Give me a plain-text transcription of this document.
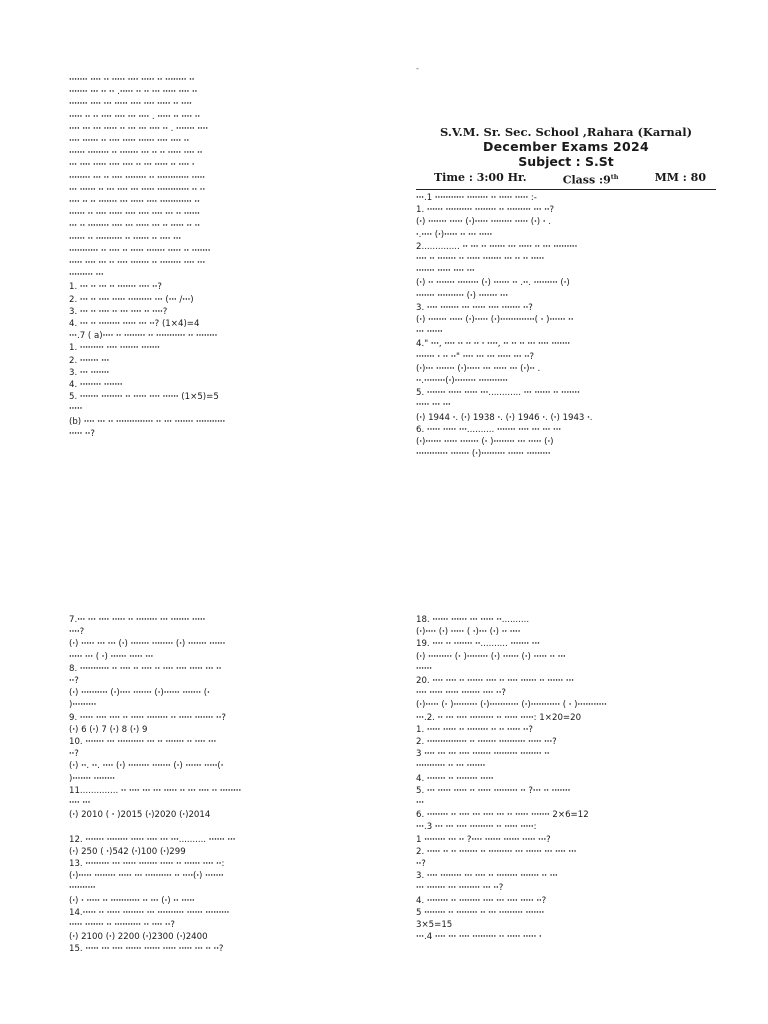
-

ꞏꞏꞏꞏꞏꞏꞏ ꞏꞏꞏꞏ ꞏꞏ ꞏꞏꞏꞏꞏ ꞏꞏꞏꞏ ꞏꞏꞏꞏꞏ ꞏꞏ ꞏꞏꞏꞏꞏꞏꞏꞏ ꞏꞏ

ꞏꞏꞏꞏꞏꞏꞏ ꞏꞏꞏ ꞏꞏ ꞏꞏ .ꞏꞏꞏꞏꞏ ꞏꞏ ꞏꞏ ꞏꞏꞏ ꞏꞏꞏꞏꞏ ꞏꞏꞏꞏ ꞏꞏ

ꞏꞏꞏꞏꞏꞏꞏ ꞏꞏꞏꞏ ꞏꞏꞏ ꞏꞏꞏꞏꞏ ꞏꞏꞏꞏ ꞏꞏꞏꞏ ꞏꞏꞏꞏꞏ ꞏꞏ ꞏꞏꞏꞏ

ꞏꞏꞏꞏꞏ ꞏꞏ ꞏꞏ ꞏꞏꞏꞏ ꞏꞏꞏꞏ ꞏꞏꞏ ꞏꞏꞏꞏ . ꞏꞏꞏꞏꞏ ꞏꞏ ꞏꞏꞏꞏ ꞏꞏ

ꞏꞏꞏꞏ ꞏꞏꞏ ꞏꞏꞏ ꞏꞏꞏꞏꞏ ꞏꞏ ꞏꞏꞏ ꞏꞏꞏ ꞏꞏꞏꞏ ꞏꞏ . ꞏꞏꞏꞏꞏꞏꞏ ꞏꞏꞏꞏ

ꞏꞏꞏꞏ ꞏꞏꞏꞏꞏꞏ ꞏꞏ ꞏꞏꞏꞏ ꞏꞏꞏꞏꞏ ꞏꞏꞏꞏꞏꞏ ꞏꞏꞏꞏ ꞏꞏꞏꞏ ꞏꞏ

ꞏꞏꞏꞏꞏꞏ ꞏꞏꞏꞏꞏꞏꞏꞏ ꞏꞏ ꞏꞏꞏꞏꞏꞏꞏ ꞏꞏꞏ ꞏꞏ ꞏꞏ ꞏꞏꞏꞏꞏ ꞏꞏꞏꞏ ꞏꞏ

ꞏꞏꞏ ꞏꞏꞏꞏ ꞏꞏꞏꞏꞏ ꞏꞏꞏꞏ ꞏꞏꞏꞏ ꞏꞏ ꞏꞏꞏ ꞏꞏꞏꞏꞏ ꞏꞏ ꞏꞏꞏꞏ ꞏ

ꞏꞏꞏꞏꞏꞏꞏꞏ ꞏꞏꞏ ꞏꞏ ꞏꞏꞏꞏ ꞏꞏꞏꞏꞏꞏꞏꞏ ꞏꞏ ꞏꞏꞏꞏꞏꞏꞏꞏꞏꞏꞏꞏ ꞏꞏꞏꞏꞏ

ꞏꞏꞏ ꞏꞏꞏꞏꞏꞏ ꞏꞏ ꞏꞏꞏ ꞏꞏꞏꞏ ꞏꞏꞏ ꞏꞏꞏꞏꞏ ꞏꞏꞏꞏꞏꞏꞏꞏꞏꞏꞏꞏ ꞏꞏ ꞏꞏ

ꞏꞏꞏꞏ ꞏꞏ ꞏꞏ ꞏꞏꞏꞏꞏꞏꞏ ꞏꞏꞏ ꞏꞏꞏꞏꞏ ꞏꞏꞏꞏ ꞏꞏꞏꞏꞏꞏꞏꞏꞏꞏꞏꞏ ꞏꞏ

ꞏꞏꞏꞏꞏꞏ ꞏꞏ ꞏꞏꞏꞏ ꞏꞏꞏꞏꞏ ꞏꞏꞏꞏ ꞏꞏꞏꞏ ꞏꞏꞏꞏ ꞏꞏꞏ ꞏꞏ ꞏꞏꞏꞏꞏꞏ

ꞏꞏꞏ ꞏꞏ ꞏꞏꞏꞏꞏꞏꞏꞏ ꞏꞏꞏꞏ ꞏꞏꞏ ꞏꞏꞏꞏꞏ ꞏꞏꞏ ꞏꞏ ꞏꞏꞏꞏꞏ ꞏꞏ ꞏꞏ

ꞏꞏꞏꞏꞏꞏ ꞏꞏ ꞏꞏꞏꞏꞏꞏꞏꞏꞏꞏ ꞏꞏ ꞏꞏꞏꞏꞏꞏ ꞏꞏ ꞏꞏꞏꞏ ꞏꞏꞏ

ꞏꞏꞏꞏꞏꞏꞏꞏꞏꞏꞏ ꞏꞏ ꞏꞏꞏꞏ ꞏꞏ ꞏꞏꞏꞏꞏ ꞏꞏꞏꞏꞏꞏꞏ ꞏꞏꞏꞏꞏ ꞏꞏ ꞏꞏꞏꞏꞏꞏꞏ

ꞏꞏꞏꞏꞏ ꞏꞏꞏꞏ ꞏꞏꞏ ꞏꞏ ꞏꞏꞏꞏ ꞏꞏꞏꞏꞏꞏꞏ ꞏꞏ ꞏꞏꞏꞏꞏꞏꞏꞏ ꞏꞏꞏꞏ ꞏꞏꞏ

ꞏꞏꞏꞏꞏꞏꞏꞏꞏ ꞏꞏꞏ

1. ꞏꞏꞏ ꞏꞏ ꞏꞏꞏ ꞏꞏ ꞏꞏꞏꞏꞏꞏꞏ ꞏꞏꞏꞏ ꞏꞏ?

2. ꞏꞏꞏ ꞏꞏ ꞏꞏꞏꞏ ꞏꞏꞏꞏꞏ ꞏꞏꞏꞏꞏꞏꞏꞏꞏ ꞏꞏꞏ (ꞏꞏꞏ /ꞏꞏꞏ)

3. ꞏꞏꞏ ꞏꞏ ꞏꞏꞏꞏ ꞏꞏ ꞏꞏꞏ ꞏꞏꞏꞏ ꞏꞏ ꞏꞏꞏꞏ?

4. ꞏꞏꞏ ꞏꞏ ꞏꞏꞏꞏꞏꞏꞏꞏ ꞏꞏꞏꞏꞏ ꞏꞏꞏ ꞏꞏ? (1×4)=4

ꞏꞏꞏ.7 ( a)ꞏꞏꞏꞏ ꞏꞏ ꞏꞏꞏꞏꞏꞏꞏꞏ ꞏꞏ ꞏꞏꞏꞏꞏꞏꞏꞏꞏꞏꞏ ꞏꞏ ꞏꞏꞏꞏꞏꞏꞏꞏ

1. ꞏꞏꞏꞏꞏꞏꞏꞏꞏ ꞏꞏꞏꞏ ꞏꞏꞏꞏꞏꞏꞏ ꞏꞏꞏꞏꞏꞏꞏ

2. ꞏꞏꞏꞏꞏꞏꞏ ꞏꞏꞏ

3. ꞏꞏꞏ ꞏꞏꞏꞏꞏꞏꞏ

4. ꞏꞏꞏꞏꞏꞏꞏꞏ ꞏꞏꞏꞏꞏꞏꞏ

5. ꞏꞏꞏꞏꞏꞏꞏ ꞏꞏꞏꞏꞏꞏꞏꞏ ꞏꞏ ꞏꞏꞏꞏꞏ ꞏꞏꞏꞏ ꞏꞏꞏꞏꞏꞏ (1×5)=5

ꞏꞏꞏꞏꞏ

(b) ꞏꞏꞏꞏ ꞏꞏꞏ ꞏꞏ ꞏꞏꞏꞏꞏꞏꞏꞏꞏꞏꞏꞏꞏꞏ ꞏꞏ ꞏꞏꞏ ꞏꞏꞏꞏꞏꞏꞏ ꞏꞏꞏꞏꞏꞏꞏꞏꞏꞏꞏ

ꞏꞏꞏꞏꞏ ꞏꞏ?

S.V.M. Sr. Sec. School ,Rahara (Karnal)
December Exams 2024
Subject : S.St
Time : 3:00 Hr.	Class :9th	MM : 80

ꞏꞏꞏ.1 ꞏꞏꞏꞏꞏꞏꞏꞏꞏꞏꞏ ꞏꞏꞏꞏꞏꞏꞏꞏ ꞏꞏ ꞏꞏꞏꞏꞏ ꞏꞏꞏꞏꞏ :-

1. ꞏꞏꞏꞏꞏꞏ ꞏꞏꞏꞏꞏꞏꞏꞏꞏꞏ ꞏꞏꞏꞏꞏꞏꞏꞏ ꞏꞏ ꞏꞏꞏꞏꞏꞏꞏꞏꞏ ꞏꞏꞏ ꞏꞏ?

(ꞏ) ꞏꞏꞏꞏꞏꞏꞏ ꞏꞏꞏꞏꞏ (ꞏ)ꞏꞏꞏꞏꞏ ꞏꞏꞏꞏꞏꞏꞏꞏ ꞏꞏꞏꞏꞏ (ꞏ) ꞏ .

ꞏ.ꞏꞏꞏꞏ (ꞏ)ꞏꞏꞏꞏꞏ ꞏꞏ ꞏꞏꞏ ꞏꞏꞏꞏꞏ

2.............. ꞏꞏ ꞏꞏꞏ ꞏꞏ ꞏꞏꞏꞏꞏꞏ ꞏꞏꞏ ꞏꞏꞏꞏꞏ ꞏꞏ ꞏꞏꞏ ꞏꞏꞏꞏꞏꞏꞏꞏꞏ

ꞏꞏꞏꞏ ꞏꞏ ꞏꞏꞏꞏꞏꞏꞏ ꞏꞏ ꞏꞏꞏꞏꞏ ꞏꞏꞏꞏꞏꞏꞏ ꞏꞏꞏ ꞏꞏ ꞏꞏ ꞏꞏꞏꞏꞏ

ꞏꞏꞏꞏꞏꞏꞏ ꞏꞏꞏꞏꞏ ꞏꞏꞏꞏ ꞏꞏꞏ

(ꞏ) ꞏꞏ ꞏꞏꞏꞏꞏꞏꞏ ꞏꞏꞏꞏꞏꞏꞏꞏ (ꞏ) ꞏꞏꞏꞏꞏꞏ ꞏꞏ .ꞏꞏ. ꞏꞏꞏꞏꞏꞏꞏꞏꞏ (ꞏ)

ꞏꞏꞏꞏꞏꞏꞏ ꞏꞏꞏꞏꞏꞏꞏꞏꞏꞏ (ꞏ) ꞏꞏꞏꞏꞏꞏꞏ ꞏꞏꞏ

3. ꞏꞏꞏꞏ ꞏꞏꞏꞏꞏꞏꞏ ꞏꞏꞏ ꞏꞏꞏꞏꞏ ꞏꞏꞏꞏ ꞏꞏꞏꞏꞏꞏꞏ ꞏꞏ?

(ꞏ) ꞏꞏꞏꞏꞏꞏꞏ ꞏꞏꞏꞏꞏ (ꞏ)ꞏꞏꞏꞏꞏ (ꞏ)ꞏꞏꞏꞏꞏꞏꞏꞏꞏꞏꞏꞏꞏ( ꞏ )ꞏꞏꞏꞏꞏꞏ ꞏꞏ

ꞏꞏꞏ ꞏꞏꞏꞏꞏꞏ

4." ꞏꞏꞏ, ꞏꞏꞏꞏ ꞏꞏ ꞏꞏ ꞏꞏ ꞏ ꞏꞏꞏꞏ, ꞏꞏ ꞏꞏ ꞏꞏ ꞏꞏꞏ ꞏꞏꞏꞏ ꞏꞏꞏꞏꞏꞏꞏ

ꞏꞏꞏꞏꞏꞏꞏ ꞏ ꞏꞏ ꞏꞏ" ꞏꞏꞏꞏ ꞏꞏꞏ ꞏꞏꞏ ꞏꞏꞏꞏꞏ ꞏꞏꞏ ꞏꞏ?

(ꞏ)ꞏꞏꞏ ꞏꞏꞏꞏꞏꞏꞏ (ꞏ)ꞏꞏꞏꞏꞏ ꞏꞏꞏ ꞏꞏꞏꞏꞏ ꞏꞏꞏ (ꞏ)ꞏꞏ .

ꞏꞏ.ꞏꞏꞏꞏꞏꞏꞏꞏ(ꞏ)ꞏꞏꞏꞏꞏꞏꞏꞏ ꞏꞏꞏꞏꞏꞏꞏꞏꞏꞏꞏ

5. ꞏꞏꞏꞏꞏꞏꞏ ꞏꞏꞏꞏꞏ ꞏꞏꞏꞏꞏ ꞏꞏꞏ............ ꞏꞏꞏ ꞏꞏꞏꞏꞏꞏ ꞏꞏ ꞏꞏꞏꞏꞏꞏꞏ

ꞏꞏꞏꞏꞏ ꞏꞏꞏ ꞏꞏꞏ

(ꞏ) 1944 ꞏ. (ꞏ) 1938 ꞏ. (ꞏ) 1946 ꞏ. (ꞏ) 1943 ꞏ.

6. ꞏꞏꞏꞏꞏ ꞏꞏꞏꞏꞏ ꞏꞏꞏ.......... ꞏꞏꞏꞏꞏꞏꞏ ꞏꞏꞏꞏ ꞏꞏꞏ ꞏꞏꞏ ꞏꞏꞏ

(ꞏ)ꞏꞏꞏꞏꞏꞏ ꞏꞏꞏꞏꞏ ꞏꞏꞏꞏꞏꞏꞏ (ꞏ )ꞏꞏꞏꞏꞏꞏꞏꞏ ꞏꞏꞏ ꞏꞏꞏꞏꞏ (ꞏ)

ꞏꞏꞏꞏꞏꞏꞏꞏꞏꞏꞏꞏ ꞏꞏꞏꞏꞏꞏꞏ (ꞏ)ꞏꞏꞏꞏꞏꞏꞏꞏꞏ ꞏꞏꞏꞏꞏꞏ ꞏꞏꞏꞏꞏꞏꞏꞏꞏ

7.ꞏꞏꞏ ꞏꞏꞏ ꞏꞏꞏꞏ ꞏꞏꞏꞏꞏ ꞏꞏ ꞏꞏꞏꞏꞏꞏꞏꞏ ꞏꞏꞏ ꞏꞏꞏꞏꞏꞏꞏ ꞏꞏꞏꞏꞏ

ꞏꞏꞏꞏ?

(ꞏ) ꞏꞏꞏꞏꞏ ꞏꞏꞏ ꞏꞏꞏ (ꞏ) ꞏꞏꞏꞏꞏꞏꞏ ꞏꞏꞏꞏꞏꞏꞏꞏ (ꞏ) ꞏꞏꞏꞏꞏꞏꞏ ꞏꞏꞏꞏꞏꞏ

ꞏꞏꞏꞏꞏ ꞏꞏꞏ ( ꞏ) ꞏꞏꞏꞏꞏꞏ ꞏꞏꞏꞏꞏ ꞏꞏꞏ

8. ꞏꞏꞏꞏꞏꞏꞏꞏꞏꞏꞏ ꞏꞏ ꞏꞏꞏꞏ ꞏꞏ ꞏꞏꞏꞏ ꞏꞏ ꞏꞏꞏꞏ ꞏꞏꞏꞏ ꞏꞏꞏꞏꞏ ꞏꞏꞏ ꞏꞏ

ꞏꞏ?

(ꞏ) ꞏꞏꞏꞏꞏꞏꞏꞏꞏꞏ (ꞏ)ꞏꞏꞏꞏ ꞏꞏꞏꞏꞏꞏꞏ (ꞏ)ꞏꞏꞏꞏꞏꞏ ꞏꞏꞏꞏꞏꞏꞏ (ꞏ

)ꞏꞏꞏꞏꞏꞏꞏꞏꞏ

9. ꞏꞏꞏꞏꞏ ꞏꞏꞏꞏ ꞏꞏꞏꞏ ꞏꞏ ꞏꞏꞏꞏꞏ ꞏꞏꞏꞏꞏꞏꞏꞏ ꞏꞏ ꞏꞏꞏꞏꞏ ꞏꞏꞏꞏꞏꞏꞏ ꞏꞏ?

(ꞏ) 6 (ꞏ) 7 (ꞏ) 8 (ꞏ) 9

10. ꞏꞏꞏꞏꞏꞏꞏ ꞏꞏꞏ ꞏꞏꞏꞏꞏꞏꞏꞏꞏꞏ ꞏꞏꞏ ꞏꞏ ꞏꞏꞏꞏꞏꞏꞏ ꞏꞏ ꞏꞏꞏꞏ ꞏꞏꞏ

ꞏꞏ?

(ꞏ) ꞏꞏ. ꞏꞏ. ꞏꞏꞏꞏ (ꞏ) ꞏꞏꞏꞏꞏꞏꞏꞏ ꞏꞏꞏꞏꞏꞏꞏ (ꞏ) ꞏꞏꞏꞏꞏꞏ ꞏꞏꞏꞏꞏ(ꞏ

)ꞏꞏꞏꞏꞏꞏꞏ ꞏꞏꞏꞏꞏꞏꞏꞏ

11.............. ꞏꞏ ꞏꞏꞏꞏ ꞏꞏꞏ ꞏꞏꞏ ꞏꞏꞏꞏꞏ ꞏꞏ ꞏꞏꞏ ꞏꞏꞏꞏ ꞏꞏ ꞏꞏꞏꞏꞏꞏꞏꞏ

ꞏꞏꞏꞏ ꞏꞏꞏ

(ꞏ) 2010 ( ꞏ )2015 (ꞏ)2020 (ꞏ)2014

12. ꞏꞏꞏꞏꞏꞏꞏ ꞏꞏꞏꞏꞏꞏꞏꞏ ꞏꞏꞏꞏꞏ ꞏꞏꞏꞏ ꞏꞏꞏ ꞏꞏꞏ.......... ꞏꞏꞏꞏꞏꞏ ꞏꞏꞏ

(ꞏ) 250 ( ꞏ)542 (ꞏ)100 (ꞏ)299

13. ꞏꞏꞏꞏꞏꞏꞏꞏꞏ ꞏꞏꞏ ꞏꞏꞏꞏꞏ ꞏꞏꞏꞏꞏꞏꞏ ꞏꞏꞏꞏꞏ ꞏꞏ ꞏꞏꞏꞏꞏꞏ ꞏꞏꞏꞏ ꞏꞏ:

(ꞏ)ꞏꞏꞏꞏꞏ ꞏꞏꞏꞏꞏꞏꞏꞏ ꞏꞏꞏꞏꞏ ꞏꞏꞏ ꞏꞏꞏꞏꞏꞏꞏꞏꞏꞏ ꞏꞏ ꞏꞏꞏꞏ(ꞏ) ꞏꞏꞏꞏꞏꞏꞏ

ꞏꞏꞏꞏꞏꞏꞏꞏꞏꞏ

(ꞏ) ꞏ ꞏꞏꞏꞏꞏ ꞏꞏ ꞏꞏꞏꞏꞏꞏꞏꞏꞏꞏꞏ ꞏꞏ ꞏꞏꞏ (ꞏ) ꞏꞏ ꞏꞏꞏꞏꞏ

14.ꞏꞏꞏꞏꞏ ꞏꞏ ꞏꞏꞏꞏꞏ ꞏꞏꞏꞏꞏꞏꞏꞏ ꞏꞏꞏ ꞏꞏꞏꞏꞏꞏꞏꞏꞏꞏ ꞏꞏꞏꞏꞏꞏ ꞏꞏꞏꞏꞏꞏꞏꞏꞏ

ꞏꞏꞏꞏꞏ ꞏꞏꞏꞏꞏꞏꞏ ꞏꞏ ꞏꞏꞏꞏꞏꞏꞏꞏꞏꞏ ꞏꞏ ꞏꞏꞏꞏ ꞏꞏ?

(ꞏ) 2100 (ꞏ) 2200 (ꞏ)2300 (ꞏ)2400

15. ꞏꞏꞏꞏꞏ ꞏꞏꞏ ꞏꞏꞏꞏ ꞏꞏꞏꞏꞏꞏ ꞏꞏꞏꞏꞏꞏ ꞏꞏꞏꞏꞏ ꞏꞏꞏꞏꞏ ꞏꞏꞏ ꞏꞏ ꞏꞏ?

18. ꞏꞏꞏꞏꞏꞏ ꞏꞏꞏꞏꞏꞏ ꞏꞏꞏ ꞏꞏꞏꞏꞏ ꞏꞏ..........

(ꞏ)ꞏꞏꞏꞏ (ꞏ) ꞏꞏꞏꞏꞏ ( ꞏ)ꞏꞏꞏ (ꞏ) ꞏꞏ ꞏꞏꞏꞏ

19. ꞏꞏꞏꞏ ꞏꞏ ꞏꞏꞏꞏꞏꞏꞏ ꞏꞏ.......... ꞏꞏꞏꞏꞏꞏꞏ ꞏꞏꞏ

(ꞏ) ꞏꞏꞏꞏꞏꞏꞏꞏꞏ (ꞏ )ꞏꞏꞏꞏꞏꞏꞏꞏ (ꞏ) ꞏꞏꞏꞏꞏꞏ (ꞏ) ꞏꞏꞏꞏꞏ ꞏꞏ ꞏꞏꞏ

ꞏꞏꞏꞏꞏꞏ

20. ꞏꞏꞏꞏ ꞏꞏꞏꞏ ꞏꞏ ꞏꞏꞏꞏꞏꞏ ꞏꞏꞏꞏ ꞏꞏ ꞏꞏꞏꞏ ꞏꞏꞏꞏꞏꞏ ꞏꞏ ꞏꞏꞏꞏꞏꞏ ꞏꞏꞏ

ꞏꞏꞏꞏ ꞏꞏꞏꞏꞏ ꞏꞏꞏꞏꞏ ꞏꞏꞏꞏꞏꞏꞏ ꞏꞏꞏꞏ ꞏꞏ?

(ꞏ)ꞏꞏꞏꞏꞏ (ꞏ )ꞏꞏꞏꞏꞏꞏꞏꞏꞏ (ꞏ)ꞏꞏꞏꞏꞏꞏꞏꞏꞏꞏꞏ (ꞏ)ꞏꞏꞏꞏꞏꞏꞏꞏꞏꞏꞏ ( ꞏ )ꞏꞏꞏꞏꞏꞏꞏꞏꞏꞏꞏ

ꞏꞏꞏ.2. ꞏꞏ ꞏꞏꞏ ꞏꞏꞏꞏ ꞏꞏꞏꞏꞏꞏꞏꞏꞏ ꞏꞏ ꞏꞏꞏꞏꞏ ꞏꞏꞏꞏꞏ: 1×20=20

1. ꞏꞏꞏꞏꞏ ꞏꞏꞏꞏꞏ ꞏꞏ ꞏꞏꞏꞏꞏꞏꞏꞏ ꞏꞏ ꞏꞏ ꞏꞏꞏꞏꞏ ꞏꞏ?

2. ꞏꞏꞏꞏꞏꞏꞏꞏꞏꞏꞏꞏꞏꞏꞏ ꞏꞏ ꞏꞏꞏꞏꞏꞏꞏ ꞏꞏꞏꞏꞏꞏꞏꞏꞏꞏ ꞏꞏꞏꞏꞏ ꞏꞏꞏ?

3 ꞏꞏꞏꞏ ꞏꞏꞏ ꞏꞏꞏ ꞏꞏꞏꞏ ꞏꞏꞏꞏꞏꞏꞏ ꞏꞏꞏꞏꞏꞏꞏꞏꞏ ꞏꞏꞏꞏꞏꞏꞏꞏ ꞏꞏ

ꞏꞏꞏꞏꞏꞏꞏꞏꞏꞏꞏ ꞏꞏ ꞏꞏꞏ ꞏꞏꞏꞏꞏꞏꞏ

4. ꞏꞏꞏꞏꞏꞏꞏ ꞏꞏ ꞏꞏꞏꞏꞏꞏꞏꞏ ꞏꞏꞏꞏꞏ

5. ꞏꞏꞏ ꞏꞏꞏꞏꞏ ꞏꞏꞏꞏꞏ ꞏꞏ ꞏꞏꞏꞏꞏ ꞏꞏꞏꞏꞏꞏꞏꞏꞏ ꞏꞏ ?ꞏꞏꞏ ꞏꞏ ꞏꞏꞏꞏꞏꞏꞏ

ꞏꞏꞏ

6. ꞏꞏꞏꞏꞏꞏꞏꞏ ꞏꞏ ꞏꞏꞏꞏ ꞏꞏꞏ ꞏꞏꞏꞏ ꞏꞏꞏ ꞏꞏ ꞏꞏꞏꞏꞏ ꞏꞏꞏꞏꞏꞏꞏ 2×6=12

ꞏꞏꞏ.3 ꞏꞏꞏ ꞏꞏꞏ ꞏꞏꞏꞏ ꞏꞏꞏꞏꞏꞏꞏꞏꞏ ꞏꞏ ꞏꞏꞏꞏꞏ ꞏꞏꞏꞏꞏ:

1 ꞏꞏꞏꞏꞏꞏꞏꞏ ꞏꞏꞏ ꞏꞏ ?ꞏꞏꞏꞏ ꞏꞏꞏꞏꞏꞏ ꞏꞏꞏꞏꞏꞏ ꞏꞏꞏꞏꞏ ꞏꞏꞏ?

2. ꞏꞏꞏꞏꞏ ꞏꞏ ꞏꞏ ꞏꞏꞏꞏꞏꞏꞏ ꞏꞏ ꞏꞏꞏꞏꞏꞏꞏꞏꞏ ꞏꞏꞏ ꞏꞏꞏꞏꞏꞏ ꞏꞏꞏ ꞏꞏꞏꞏ ꞏꞏꞏ

ꞏꞏ?

3. ꞏꞏꞏꞏ ꞏꞏꞏꞏꞏꞏꞏꞏ ꞏꞏꞏ ꞏꞏꞏꞏ ꞏꞏ ꞏꞏꞏꞏꞏꞏꞏꞏ ꞏꞏꞏꞏꞏꞏꞏ ꞏꞏ ꞏꞏꞏ

ꞏꞏꞏ ꞏꞏꞏꞏꞏꞏꞏ ꞏꞏꞏ ꞏꞏꞏꞏꞏꞏꞏꞏ ꞏꞏꞏ ꞏꞏ?

4. ꞏꞏꞏꞏꞏꞏꞏꞏ ꞏꞏ ꞏꞏꞏꞏꞏꞏꞏꞏ ꞏꞏꞏꞏ ꞏꞏꞏ ꞏꞏꞏꞏ ꞏꞏꞏꞏꞏ ꞏꞏ?

5 ꞏꞏꞏꞏꞏꞏꞏꞏ ꞏꞏ ꞏꞏꞏꞏꞏꞏꞏꞏ ꞏꞏ ꞏꞏꞏ ꞏꞏꞏꞏꞏꞏꞏꞏꞏ ꞏꞏꞏꞏꞏꞏꞏ

3×5=15

ꞏꞏꞏ.4 ꞏꞏꞏꞏ ꞏꞏꞏ ꞏꞏꞏꞏ ꞏꞏꞏꞏꞏꞏꞏꞏꞏ ꞏꞏ ꞏꞏꞏꞏꞏ ꞏꞏꞏꞏꞏ ꞏ
